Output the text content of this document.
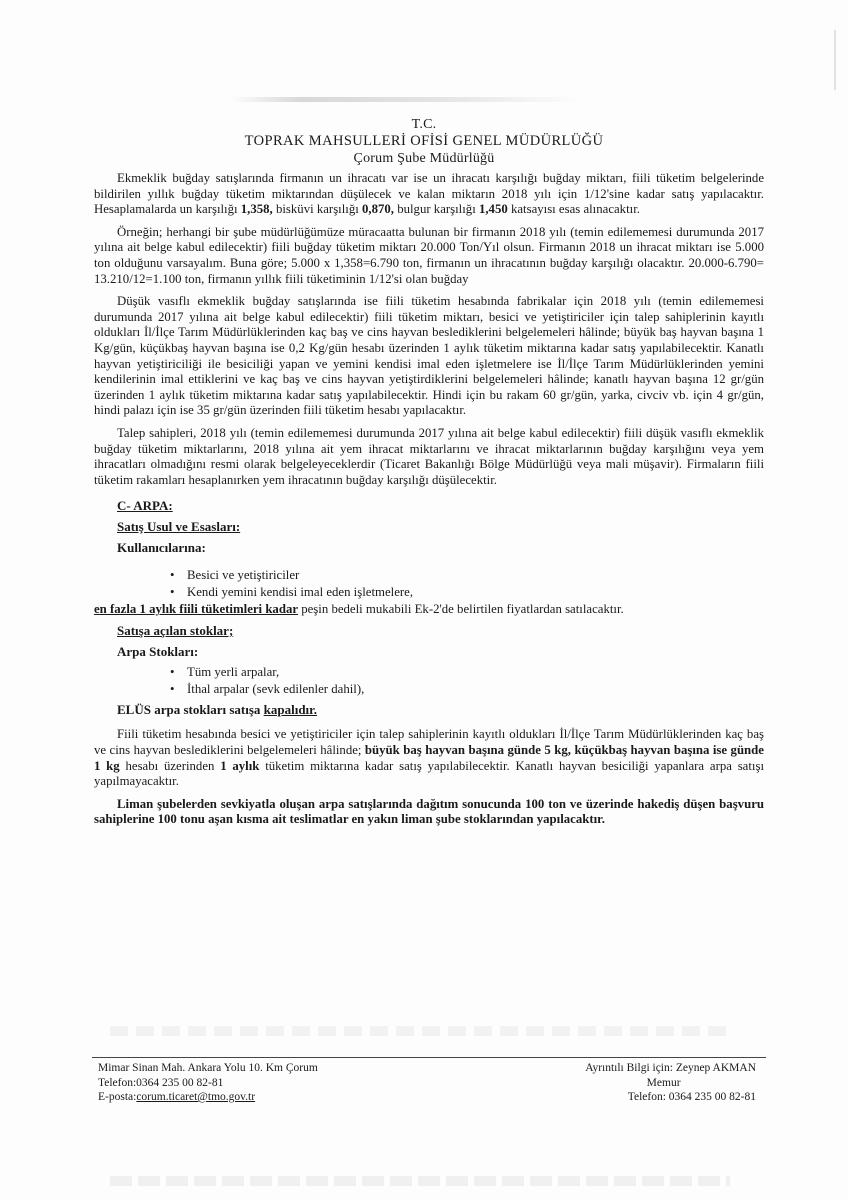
T.C.
TOPRAK MAHSULLERİ OFİSİ GENEL MÜDÜRLÜĞÜ
Çorum Şube Müdürlüğü

Ekmeklik buğday satışlarında firmanın un ihracatı var ise un ihracatı karşılığı buğday miktarı, fiili tüketim belgelerinde bildirilen yıllık buğday tüketim miktarından düşülecek ve kalan miktarın 2018 yılı için 1/12'sine kadar satış yapılacaktır. Hesaplamalarda un karşılığı 1,358, bisküvi karşılığı 0,870, bulgur karşılığı 1,450 katsayısı esas alınacaktır.

Örneğin; herhangi bir şube müdürlüğümüze müracaatta bulunan bir firmanın 2018 yılı (temin edilememesi durumunda 2017 yılına ait belge kabul edilecektir) fiili buğday tüketim miktarı 20.000 Ton/Yıl olsun. Firmanın 2018 un ihracat miktarı ise 5.000 ton olduğunu varsayalım. Buna göre; 5.000 x 1,358=6.790 ton, firmanın un ihracatının buğday karşılığı olacaktır. 20.000-6.790= 13.210/12=1.100 ton, firmanın yıllık fiili tüketiminin 1/12'si olan buğday

Düşük vasıflı ekmeklik buğday satışlarında ise fiili tüketim hesabında fabrikalar için 2018 yılı (temin edilememesi durumunda 2017 yılına ait belge kabul edilecektir) fiili tüketim miktarı, besici ve yetiştiriciler için talep sahiplerinin kayıtlı oldukları İl/İlçe Tarım Müdürlüklerinden kaç baş ve cins hayvan beslediklerini belgelemeleri hâlinde; büyük baş hayvan başına 1 Kg/gün, küçükbaş hayvan başına ise 0,2 Kg/gün hesabı üzerinden 1 aylık tüketim miktarına kadar satış yapılabilecektir. Kanatlı hayvan yetiştiriciliği ile besiciliği yapan ve yemini kendisi imal eden işletmelere ise İl/İlçe Tarım Müdürlüklerinden yemini kendilerinin imal ettiklerini ve kaç baş ve cins hayvan yetiştirdiklerini belgelemeleri hâlinde; kanatlı hayvan başına 12 gr/gün üzerinden 1 aylık tüketim miktarına kadar satış yapılabilecektir. Hindi için bu rakam 60 gr/gün, yarka, civciv vb. için 4 gr/gün, hindi palazı için ise 35 gr/gün üzerinden fiili tüketim hesabı yapılacaktır.

Talep sahipleri, 2018 yılı (temin edilememesi durumunda 2017 yılına ait belge kabul edilecektir) fiili düşük vasıflı ekmeklik buğday tüketim miktarlarını, 2018 yılına ait yem ihracat miktarlarını ve ihracat miktarlarının buğday karşılığını veya yem ihracatları olmadığını resmi olarak belgeleyeceklerdir (Ticaret Bakanlığı Bölge Müdürlüğü veya mali müşavir). Firmaların fiili tüketim rakamları hesaplanırken yem ihracatının buğday karşılığı düşülecektir.

C- ARPA:
Satış Usul ve Esasları:
Kullanıcılarına:
• Besici ve yetiştiriciler
• Kendi yemini kendisi imal eden işletmelere,
en fazla 1 aylık fiili tüketimleri kadar peşin bedeli mukabili Ek-2'de belirtilen fiyatlardan satılacaktır.
Satışa açılan stoklar;
Arpa Stokları:
• Tüm yerli arpalar,
• İthal arpalar (sevk edilenler dahil),
ELÜS arpa stokları satışa kapalıdır.

Fiili tüketim hesabında besici ve yetiştiriciler için talep sahiplerinin kayıtlı oldukları İl/İlçe Tarım Müdürlüklerinden kaç baş ve cins hayvan beslediklerini belgelemeleri hâlinde; büyük baş hayvan başına günde 5 kg, küçükbaş hayvan başına ise günde 1 kg hesabı üzerinden 1 aylık tüketim miktarına kadar satış yapılabilecektir. Kanatlı hayvan besiciliği yapanlara arpa satışı yapılmayacaktır.

Liman şubelerden sevkiyatla oluşan arpa satışlarında dağıtım sonucunda 100 ton ve üzerinde hakediş düşen başvuru sahiplerine 100 tonu aşan kısma ait teslimatlar en yakın liman şube stoklarından yapılacaktır.

Mimar Sinan Mah. Ankara Yolu 10. Km Çorum
Telefon:0364 235 00 82-81
E-posta:corum.ticaret@tmo.gov.tr
Ayrıntılı Bilgi için: Zeynep AKMAN
Memur
Telefon: 0364 235 00 82-81
